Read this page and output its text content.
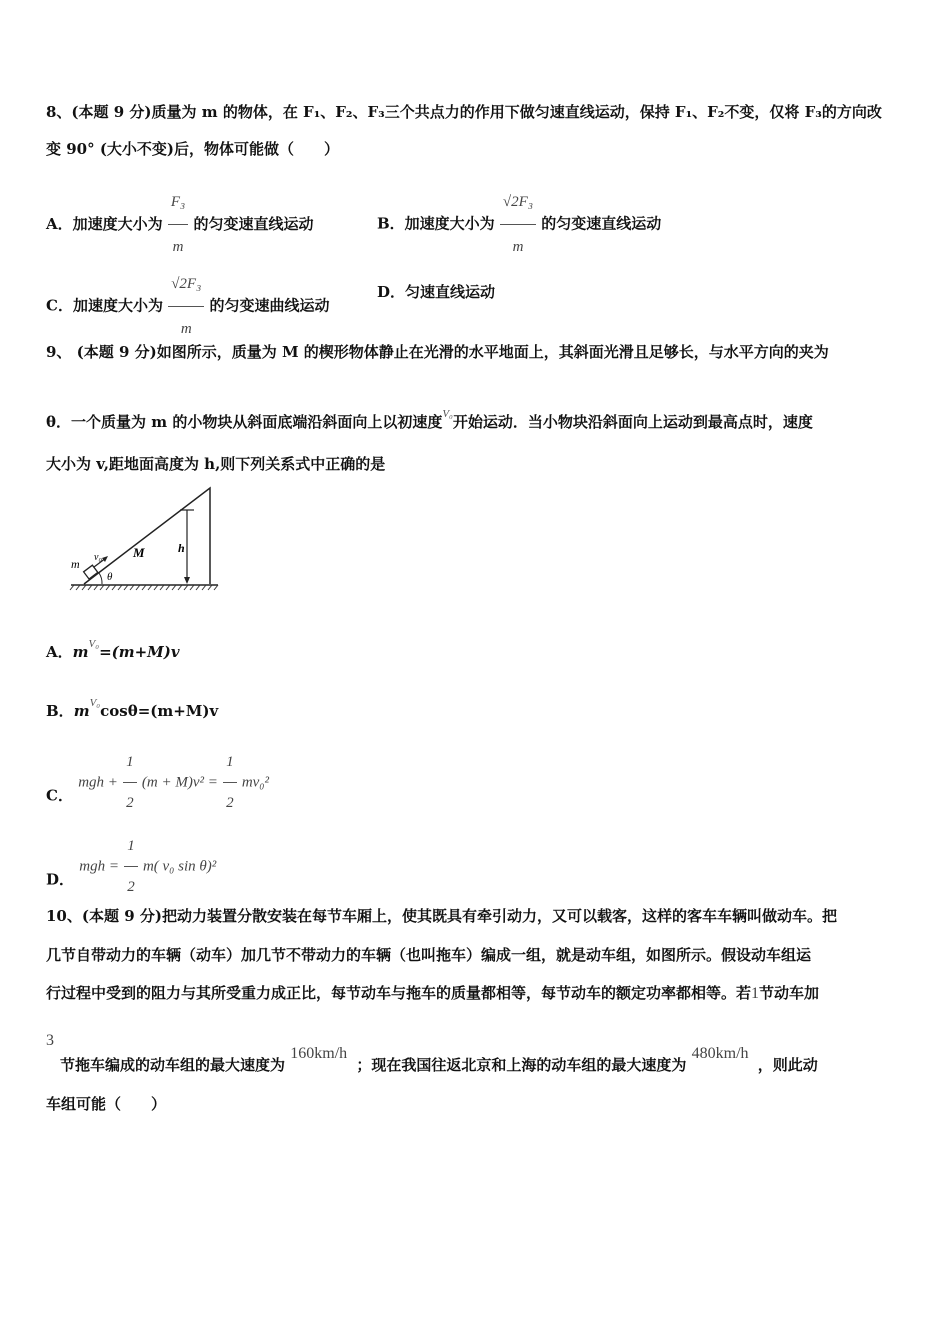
8、(本题 9 分)质量为 m 的物体，在 F₁、F₂、F₃三个共点力的作用下做匀速直线运动，保持 F₁、F₂不变，仅将 F₃的方向改
变 90° (大小不变)后，物体可能做（　　）
A．加速度大小为 $\frac{\text{F₃}}{m}$ 的匀变速直线运动	B．加速度大小为 $\frac{\text{√2F₃}}{m}$ 的匀变速直线运动
C．加速度大小为 $\frac{\text{√2F₃}}{m}$ 的匀变速曲线运动
D．匀速直线运动
9、 (本题 9 分)如图所示，质量为 M 的楔形物体静止在光滑的水平地面上，其斜面光滑且足够长，与水平方向的夹为
θ．一个质量为 m 的小物块从斜面底端沿斜面向上以初速度$^{V_0}$开始运动．当小物块沿斜面向上运动到最高点时，速度
大小为 v,距地面高度为 h,则下列关系式中正确的是
m v₀ M	h
θ
A．$m^{V_0}=(m+M)v$
B．$m^{V_0}\cos\theta=(m+M)v$
C． mgh + $\frac{1}{2} (m + M)v^2 = \frac{1}{2} mv_0^2$
D． mgh = $\frac{1}{2} m$( v₀ sin θ)²
10、(本题 9 分)把动力装置分散安装在每节车厢上，使其既具有牵引动力，又可以载客，这样的客车车辆叫做动车。把
几节自带动力的车辆（动车）加几节不带动力的车辆（也叫拖车）编成一组，就是动车组，如图所示。假设动车组运
行过程中受到的阻力与其所受重力成正比，每节动车与拖车的质量都相等，每节动车的额定功率都相等。若1节动车加
3
节拖车编成的动车组的最大速度为 160km/h ；现在我国往返北京和上海的动车组的最大速度为 480km/h ，则此动
车组可能（　　）
